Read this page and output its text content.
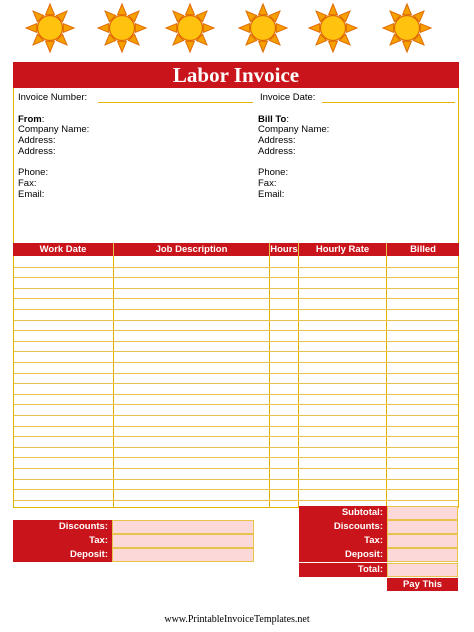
Labor Invoice
Invoice Number:	Invoice Date:
From:
Company Name:
Address:
Address:
Phone:
Fax:
Email:
Bill To:
Company Name:
Address:
Address:
Phone:
Fax:
Email:
Work Date	Job Description	Hours	Hourly Rate	Billed
Discounts:
Tax:
Deposit:
Subtotal:
Discounts:
Tax:
Deposit:
Total:
Pay This
www.PrintableInvoiceTemplates.net
